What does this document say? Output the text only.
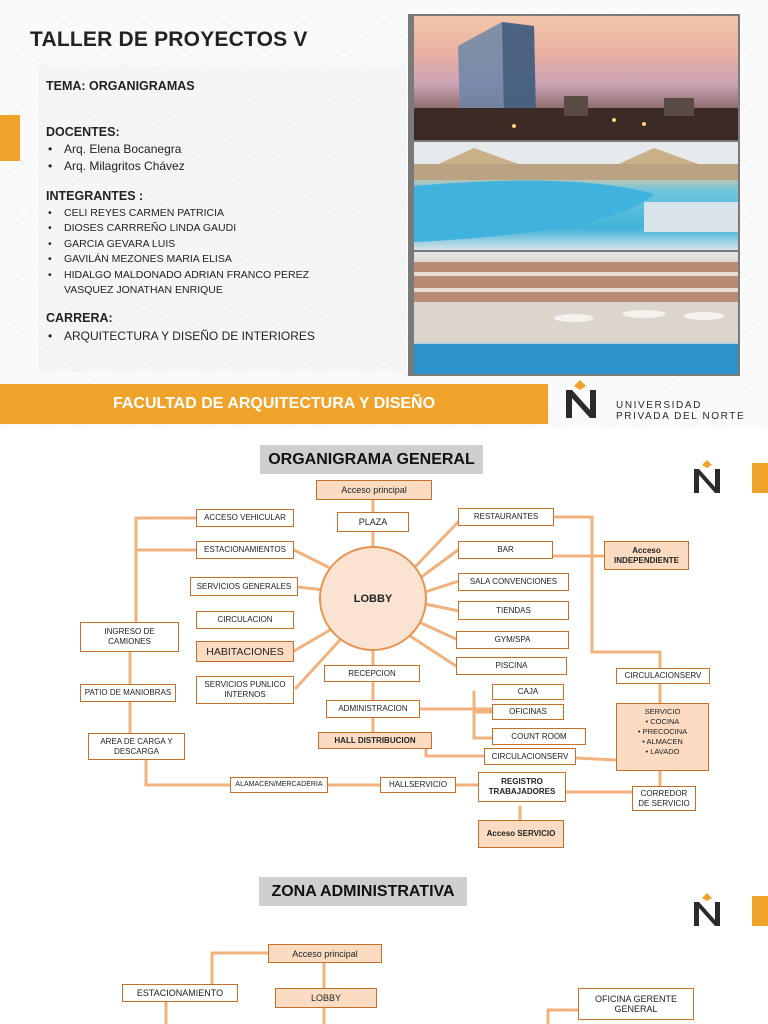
TALLER DE PROYECTOS V
TEMA: ORGANIGRAMAS
DOCENTES:
• Arq. Elena Bocanegra
• Arq. Milagritos Chávez
INTEGRANTES :
• CELI REYES CARMEN PATRICIA
• DIOSES CARRREÑO LINDA GAUDI
• GARCIA GEVARA LUIS
• GAVILÁN MEZONES MARIA ELISA
• HIDALGO MALDONADO ADRIAN FRANCO PEREZ
VASQUEZ JONATHAN ENRIQUE
CARRERA:
• ARQUITECTURA Y DISEÑO DE INTERIORES
FACULTAD DE ARQUITECTURA Y DISEÑO	UNIVERSIDAD
PRIVADA DEL NORTE
ORGANIGRAMA GENERAL
LOBBY
Acceso principal
PLAZA
ACCESO VEHICULAR
ESTACIONAMIENTOS
SERVICIOS GENERALES
CIRCULACION
HABITACIONES
SERVICIOS PUNLICO INTERNOS
INGRESO DE CAMIONES
PATIO DE MANIOBRAS
AREA DE CARGA Y DESCARGA
ALAMACEN/MERCADERIA	HALLSERVICIO
RESTAURANTES
BAR
SALA CONVENCIONES
TIENDAS
GYM/SPA
PISCINA
RECEPCION
ADMINISTRACION
HALL DISTRIBUCION
CAJA
OFICINAS
COUNT ROOM
CIRCULACIONSERV
REGISTRO TRABAJADORES
Acceso SERVICIO
Acceso INDEPENDIENTE
CIRCULACIONSERV
SERVICIO
• COCINA
• PRECOCINA
• ALMACEN
• LAVADO
CORREDOR DE SERVICIO
ZONA ADMINISTRATIVA
Acceso principal
ESTACIONAMIENTO	LOBBY	OFICINA GERENTE GENERAL
